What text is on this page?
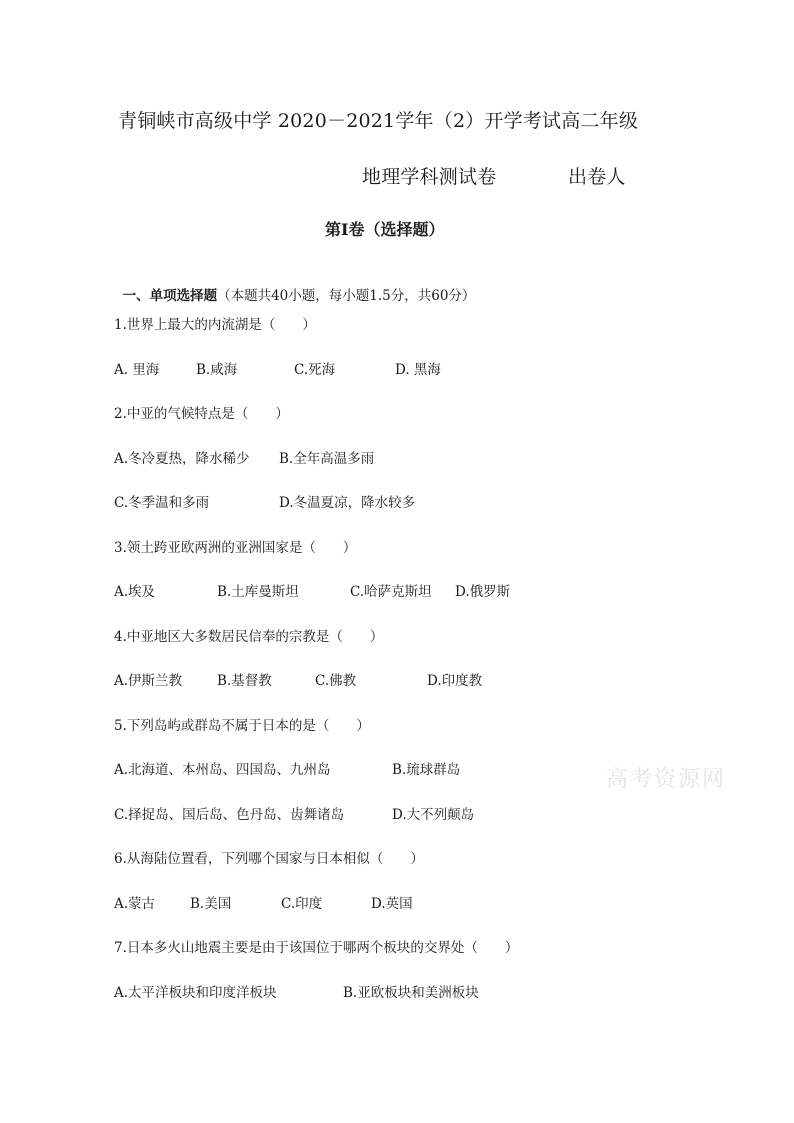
青铜峡市高级中学 2020－2021学年（2）开学考试高二年级
地理学科测试卷	出卷人
第Ⅰ卷（选择题）

一、单项选择题（本题共40小题，每小题1.5分，共60分）

1.世界上最大的内流湖是（　　）
A. 里海	B.咸海	C.死海	D. 黑海
2.中亚的气候特点是（　　）
A.冬冷夏热，降水稀少 B.全年高温多雨
C.冬季温和多雨	D.冬温夏凉，降水较多
3.领土跨亚欧两洲的亚洲国家是（　　）
A.埃及	B.土库曼斯坦	C.哈萨克斯坦 D.俄罗斯
4.中亚地区大多数居民信奉的宗教是（　　）
A.伊斯兰教	B.基督教	C.佛教	D.印度教
5.下列岛屿或群岛不属于日本的是（　　）
A.北海道、本州岛、四国岛、九州岛	B.琉球群岛
C.择捉岛、国后岛、色丹岛、齿舞诸岛	D.大不列颠岛
6.从海陆位置看，下列哪个国家与日本相似（　　）
A.蒙古	B.美国	C.印度	D.英国
7.日本多火山地震主要是由于该国位于哪两个板块的交界处（　　）
A.太平洋板块和印度洋板块	B.亚欧板块和美洲板块
高考资源网
